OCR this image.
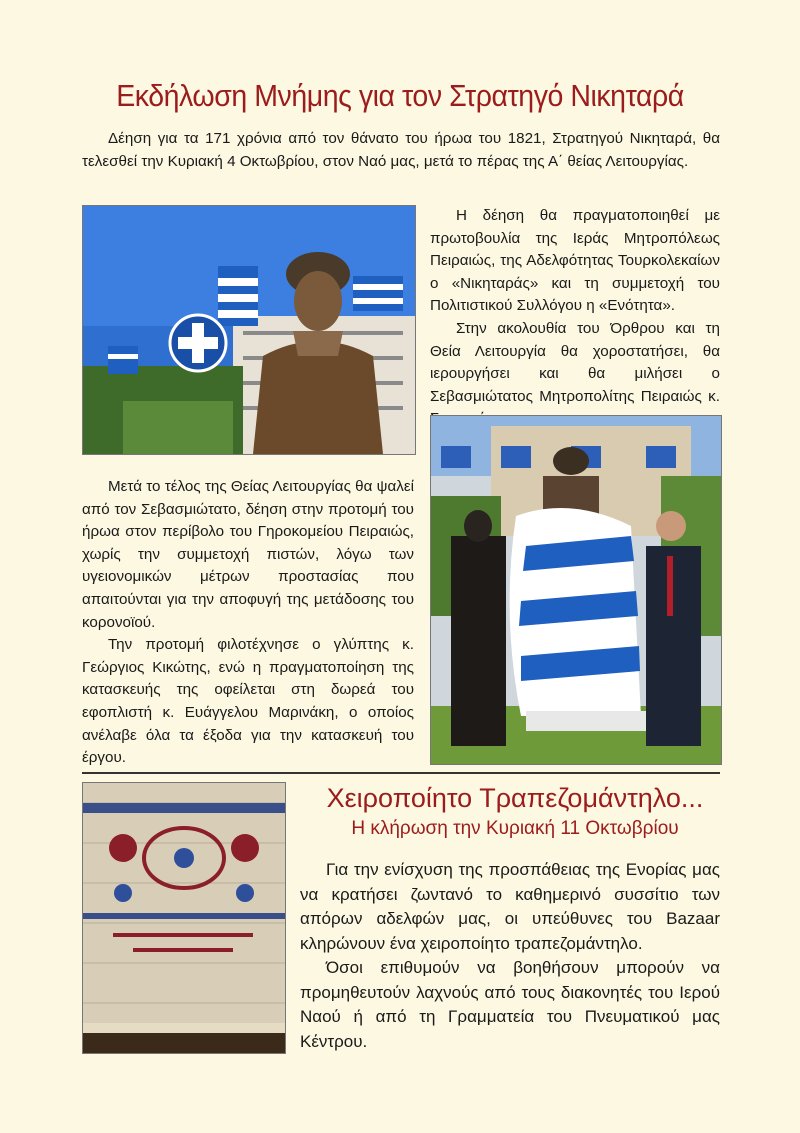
Εκδήλωση Μνήμης για τον Στρατηγό Νικηταρά

Δέηση για τα 171 χρόνια από τον θάνατο του ήρωα του 1821, Στρατηγού Νικηταρά, θα τελεσθεί την Κυριακή 4 Οκτωβρίου, στον Ναό μας, μετά το πέρας της Α΄ θείας Λειτουργίας.

Η δέηση θα πραγματοποιηθεί με πρωτοβουλία της Ιεράς Μητροπόλεως Πειραιώς, της Αδελφότητας Τουρκολεκαίων ο «Νικηταράς» και τη συμμετοχή του Πολιτιστικού Συλλόγου η «Ενότητα».

Στην ακολουθία του Όρθρου και τη Θεία Λειτουργία θα χοροστατήσει, θα ιερουργήσει και θα μιλήσει ο Σεβασμιώτατος Μητροπολίτης Πειραιώς κ.

Μετά το τέλος της Θείας Λειτουργίας θα ψαλεί από τον Σεβασμιώτατο, δέηση στην προτομή του ήρωα στον περίβολο του Γηροκομείου Πειραιώς, χωρίς την συμμετοχή πιστών, λόγω των υγειονομικών μέτρων προστασίας που απαιτούνται για την αποφυγή της μετάδοσης του κορονοϊού.

Την προτομή φιλοτέχνησε ο γλύπτης κ. Γεώργιος Κικώτης, ενώ η πραγματοποίηση της κατασκευής της οφείλεται στη δωρεά του εφοπλιστή κ. Ευάγγελου Μαρινάκη, ο οποίος ανέλαβε όλα τα έξοδα για την κατασκευή του έργου.

Χειροποίητο Τραπεζομάντηλο...
Η κλήρωση την Κυριακή 11 Οκτωβρίου

Για την ενίσχυση της προσπάθειας της Ενορίας μας να κρατήσει ζωντανό το καθημερινό συσσίτιο των απόρων αδελφών μας, οι υπεύθυνες του Bazaar κληρώνουν ένα χειροποίητο τραπεζομάντηλο.

Όσοι επιθυμούν να βοηθήσουν μπορούν να προμηθευτούν λαχνούς από τους διακονητές του Ιερού Ναού ή από τη Γραμματεία του Πνευματικού μας Κέντρου.
